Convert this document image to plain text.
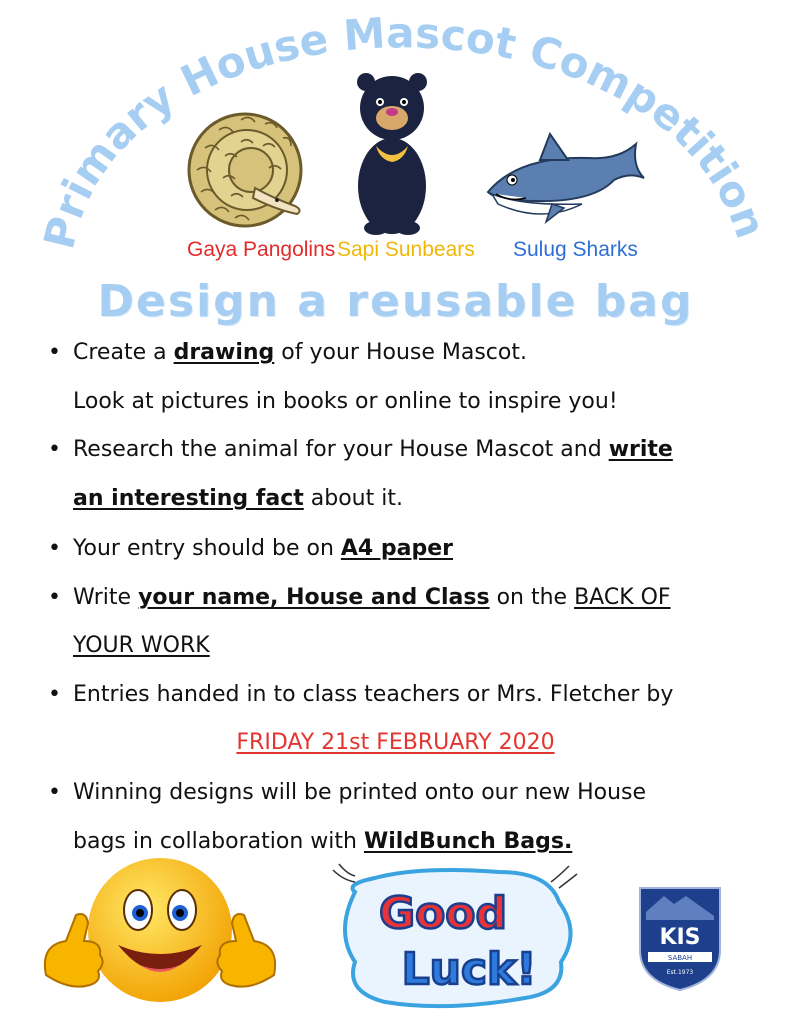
Primary House Mascot Competition
Gaya Pangolins Sapi Sunbears Sulug Sharks
Design a reusable bag
• Create a drawing of your House Mascot.
Look at pictures in books or online to inspire you!
• Research the animal for your House Mascot and write
an interesting fact about it.
• Your entry should be on A4 paper
• Write your name, House and Class on the BACK OF
YOUR WORK
• Entries handed in to class teachers or Mrs. Fletcher by
FRIDAY 21st FEBRUARY 2020
• Winning designs will be printed onto our new House
bags in collaboration with WildBunch Bags.
Good
Luck!
KIS
SABAH
Est.1973
